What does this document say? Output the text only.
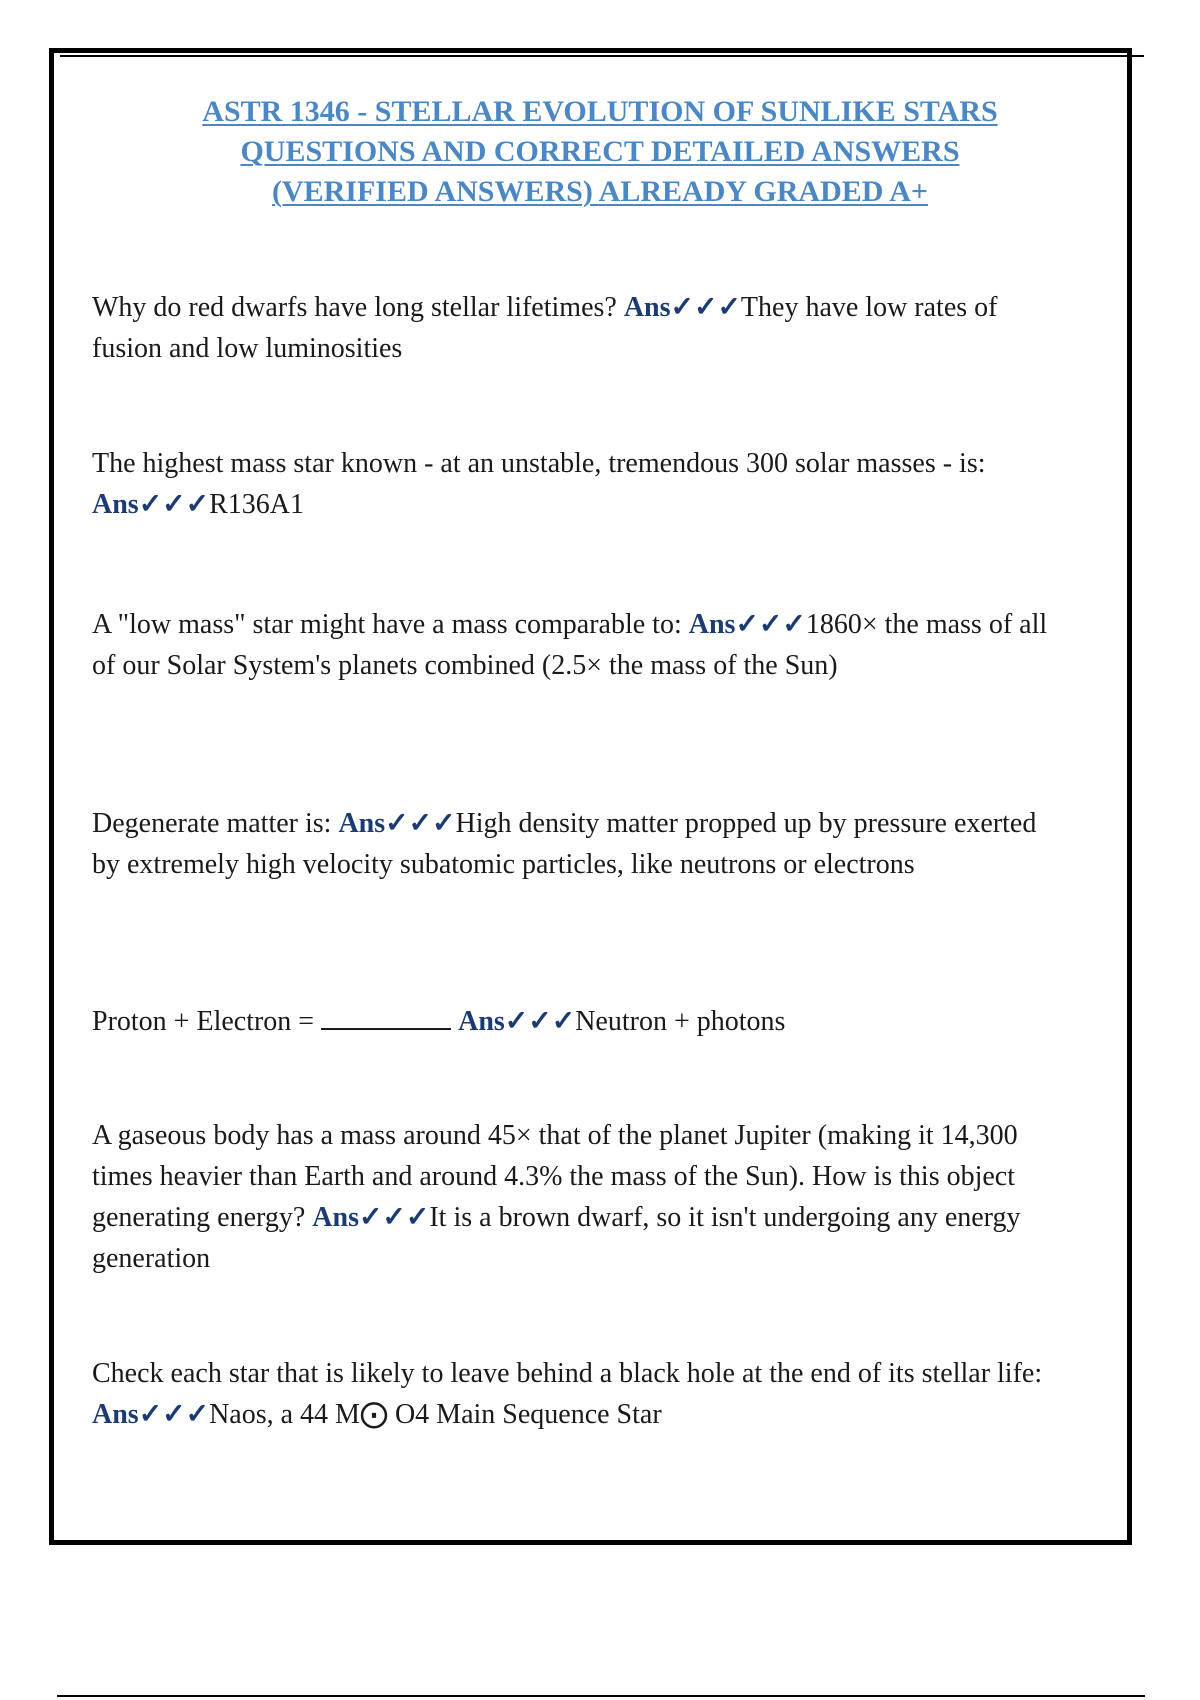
ASTR 1346 - STELLAR EVOLUTION OF SUNLIKE STARS
QUESTIONS AND CORRECT DETAILED ANSWERS
(VERIFIED ANSWERS) ALREADY GRADED A+
Why do red dwarfs have long stellar lifetimes? Ans✓✓✓They have low rates of fusion and low luminosities
The highest mass star known - at an unstable, tremendous 300 solar masses - is: Ans✓✓✓R136A1
A "low mass" star might have a mass comparable to: Ans✓✓✓1860× the mass of all of our Solar System's planets combined (2.5× the mass of the Sun)
Degenerate matter is: Ans✓✓✓High density matter propped up by pressure exerted by extremely high velocity subatomic particles, like neutrons or electrons
Proton + Electron =	Ans✓✓✓Neutron + photons
A gaseous body has a mass around 45× that of the planet Jupiter (making it 14,300 times heavier than Earth and around 4.3% the mass of the Sun). How is this object generating energy? Ans✓✓✓It is a brown dwarf, so it isn't undergoing any energy generation
Check each star that is likely to leave behind a black hole at the end of its stellar life: Ans✓✓✓Naos, a 44 M⨀ O4 Main Sequence Star
